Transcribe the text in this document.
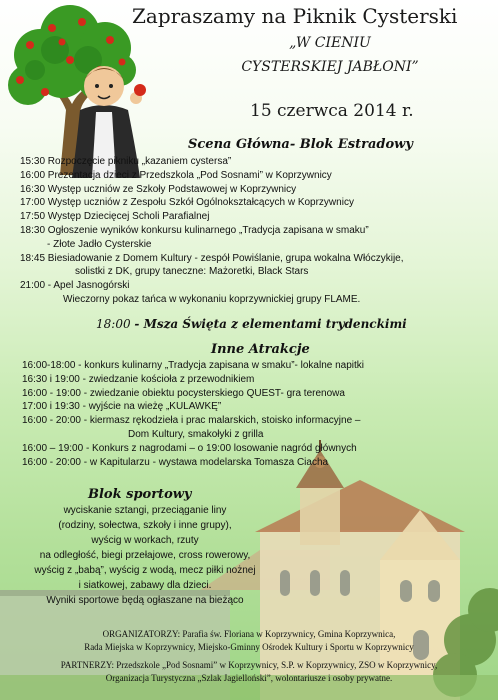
Zapraszamy na Piknik Cysterski
„W CIENIU
CYSTERSKIEJ JABŁONI”
15 czerwca 2014 r.
Scena Główna- Blok Estradowy
15:30 Rozpoczęcie pikniku „kazaniem cystersa”
16:00 Prezentacja dzieci z Przedszkola „Pod Sosnami” w Koprzywnicy
16:30 Występ uczniów ze Szkoły Podstawowej w Koprzywnicy
17:00 Występ uczniów z Zespołu Szkół Ogólnokształcących w Koprzywnicy
17:50 Występ Dziecięcej Scholi Parafialnej
18:30 Ogłoszenie wyników konkursu kulinarnego „Tradycja zapisana w smaku”
- Złote Jadło Cysterskie
18:45 Biesiadowanie z Domem Kultury - zespół Powiślanie, grupa wokalna Włóczykije,
solistki z DK, grupy taneczne: Mażoretki, Black Stars
21:00 - Apel Jasnogórski
Wieczorny pokaz tańca w wykonaniu koprzywnickiej grupy FLAME.
18:00 - Msza Święta z elementami trydenckimi
Inne Atrakcje
16:00-18:00 - konkurs kulinarny „Tradycja zapisana w smaku”- lokalne napitki
16:30 i 19:00 - zwiedzanie kościoła z przewodnikiem
16:00 - 19:00 - zwiedzanie obiektu pocysterskiego QUEST- gra terenowa
17:00 i 19:30 - wyjście na wieżę „KULAWKĘ”
16:00 - 20:00 - kiermasz rękodzieła i prac malarskich, stoisko informacyjne –
Dom Kultury, smakołyki z grilla
16:00 – 19:00 - Konkurs z nagrodami – o 19:00 losowanie nagród głównych
16:00 - 20:00 - w Kapitularzu - wystawa modelarska Tomasza Ciacha
Blok sportowy
wyciskanie sztangi, przeciąganie liny
(rodziny, sołectwa, szkoły i inne grupy),
wyścig w workach, rzuty
na odległość, biegi przełajowe, cross rowerowy,
wyścig z „babą”, wyścig z wodą, mecz piłki nożnej
i siatkowej, zabawy dla dzieci.
Wyniki sportowe będą ogłaszane na bieżąco
ORGANIZATORZY: Parafia św. Floriana w Koprzywnicy, Gmina Koprzywnica,
Rada Miejska w Koprzywnicy, Miejsko-Gminny Ośrodek Kultury i Sportu w Koprzywnicy
PARTNERZY: Przedszkole „Pod Sosnami” w Koprzywnicy, S.P. w Koprzywnicy, ZSO w Koprzywnicy,
Organizacja Turystyczna „Szlak Jagielloński”, wolontariusze i osoby prywatne.
